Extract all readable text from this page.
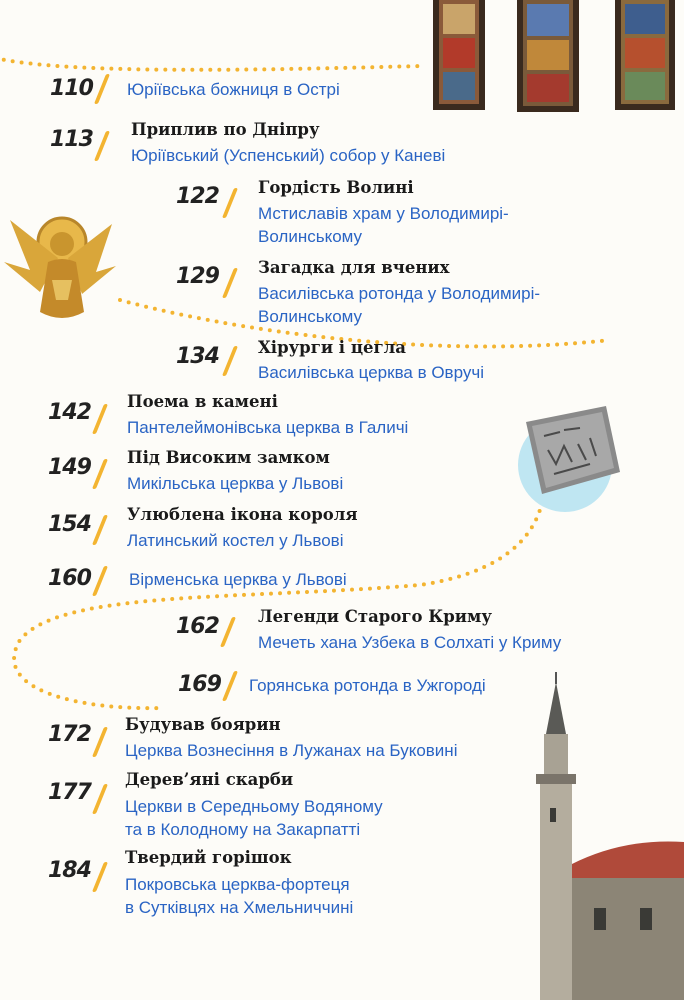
110 Юріївська божниця в Острі
113 Приплив по Дніпру
Юріївський (Успенський) собор у Каневі
122 Гордість Волині
Мстиславів храм у Володимирі-
Волинському
129 Загадка для вчених
Василівська ротонда у Володимирі-
Волинському
134 Хірурги і цегла
Василівська церква в Овручі
142 Поема в камені
Пантелеймонівська церква в Галичі
149 Під Високим замком
Микільська церква у Львові
154 Улюблена ікона короля
Латинський костел у Львові
160 Вірменська церква у Львові
162 Легенди Старого Криму
Мечеть хана Узбека в Солхаті у Криму
169 Горянська ротонда в Ужгороді
172 Будував боярин
Церква Вознесіння в Лужанах на Буковині
177
Дерев’яні скарби
Церкви в Середньому Водяному
та в Колодному на Закарпатті
184
Твердий горішок
Покровська церква-фортеця
в Сутківцях на Хмельниччині
